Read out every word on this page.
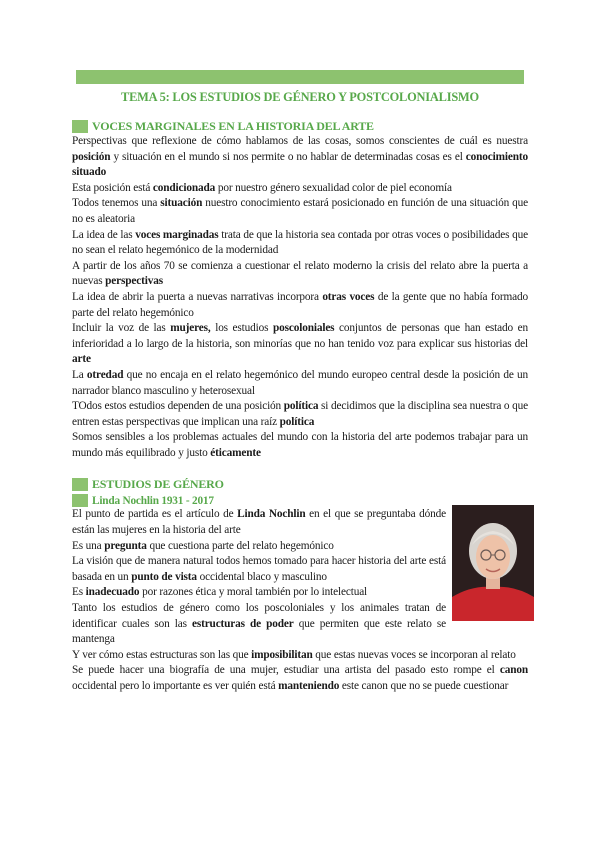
TEMA 5: LOS ESTUDIOS DE GÉNERO Y POSTCOLONIALISMO
VOCES MARGINALES EN LA HISTORIA DEL ARTE

Perspectivas que reflexione de cómo hablamos de las cosas, somos conscientes de cuál es nuestra posición y situación en el mundo si nos permite o no hablar de determinadas cosas es el conocimiento situado

Esta posición está condicionada por nuestro género sexualidad color de piel economía

Todos tenemos una situación nuestro conocimiento estará posicionado en función de una situación que no es aleatoria

La idea de las voces marginadas trata de que la historia sea contada por otras voces o posibilidades que no sean el relato hegemónico de la modernidad

A partir de los años 70 se comienza a cuestionar el relato moderno la crisis del relato abre la puerta a nuevas perspectivas

La idea de abrir la puerta a nuevas narrativas incorpora otras voces de la gente que no había formado parte del relato hegemónico

Incluir la voz de las mujeres, los estudios poscoloniales conjuntos de personas que han estado en inferioridad a lo largo de la historia, son minorías que no han tenido voz para explicar sus historias del arte

La otredad que no encaja en el relato hegemónico del mundo europeo central desde la posición de un narrador blanco masculino y heterosexual

TOdos estos estudios dependen de una posición política si decidimos que la disciplina sea nuestra o que entren estas perspectivas que implican una raíz política

Somos sensibles a los problemas actuales del mundo con la historia del arte podemos trabajar para un mundo más equilibrado y justo éticamente

ESTUDIOS DE GÉNERO
Linda Nochlin 1931 - 2017

El punto de partida es el artículo de Linda Nochlin en el que se preguntaba dónde están las mujeres en la historia del arte

Es una pregunta que cuestiona parte del relato hegemónico

La visión que de manera natural todos hemos tomado para hacer historia del arte está basada en un punto de vista occidental blaco y masculino

Es inadecuado por razones ética y moral también por lo intelectual

Tanto los estudios de género como los poscoloniales y los animales tratan de identificar cuales son las estructuras de poder que permiten que este relato se mantenga

Y ver cómo estas estructuras son las que imposibilitan que estas nuevas voces se incorporan al relato

Se puede hacer una biografía de una mujer, estudiar una artista del pasado esto rompe el canon occidental pero lo importante es ver quién está manteniendo este canon que no se puede cuestionar
